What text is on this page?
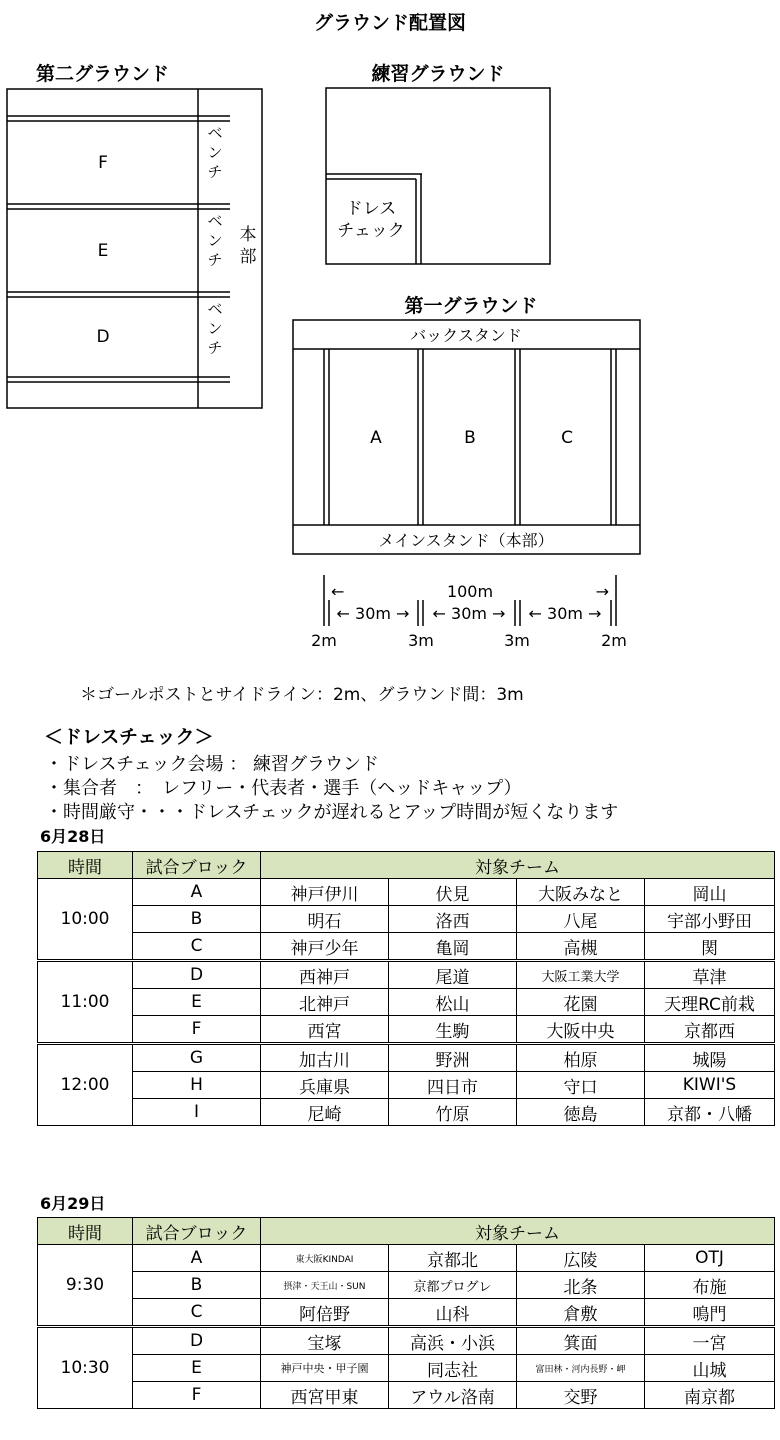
グラウンド配置図
第二グラウンド
F
E
D
ベンチ
ベンチ
ベンチ
本部
練習グラウンド
ドレス
チェック
第一グラウンド
バックスタンド
メインスタンド（本部）
A	B	C
←	100m	→
← 30m → ← 30m → ← 30m →
2m	3m	3m	2m
＊ゴールポストとサイドライン：2m、グラウンド間：3m
＜ドレスチェック＞
・ドレスチェック会場 ： 練習グラウンド
・集合者　：　レフリー・代表者・選手（ヘッドキャップ）
・時間厳守・・・ドレスチェックが遅れるとアップ時間が短くなります
6月28日
時間	試合ブロック	対象チーム			
10:00	A	神戸伊川	伏見	大阪みなと	岡山
	B	明石	洛西	八尾	宇部小野田
	C	神戸少年	亀岡	高槻	関
11:00	D	西神戸	尾道	大阪工業大学	草津
	E	北神戸	松山	花園	天理RC前栽
	F	西宮	生駒	大阪中央	京都西
12:00	G	加古川	野洲	柏原	城陽
	H	兵庫県	四日市	守口	KIWI'S
	I	尼崎	竹原	徳島	京都・八幡
6月29日
時間	試合ブロック	対象チーム			
9:30	A	東大阪KINDAI	京都北	広陵	OTJ
	B	摂津・天王山・SUN	京都プログレ	北条	布施
	C	阿倍野	山科	倉敷	鳴門
10:30	D	宝塚	高浜・小浜	箕面	一宮
	E	神戸中央・甲子園	同志社	富田林・河内長野・岬	山城
	F	西宮甲東	アウル洛南	交野	南京都
